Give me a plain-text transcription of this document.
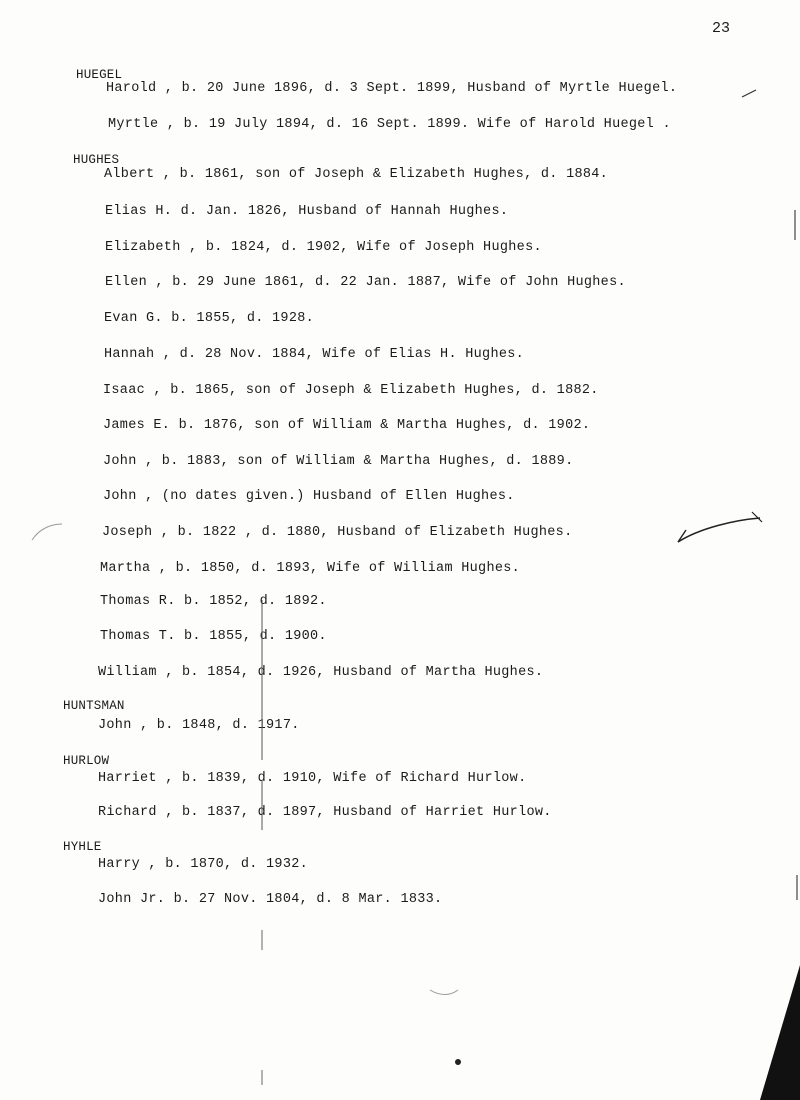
23
HUEGEL
Harold , b. 20 June 1896, d. 3 Sept. 1899, Husband of Myrtle Huegel.
Myrtle , b. 19 July 1894, d. 16 Sept. 1899. Wife of Harold Huegel .
HUGHES
Albert , b. 1861, son of Joseph & Elizabeth Hughes, d. 1884.
Elias H. d. Jan. 1826, Husband of Hannah Hughes.
Elizabeth , b. 1824, d. 1902, Wife of Joseph Hughes.
Ellen , b. 29 June 1861, d. 22 Jan. 1887, Wife of John Hughes.
Evan G. b. 1855, d. 1928.
Hannah , d. 28 Nov. 1884, Wife of Elias H. Hughes.
Isaac , b. 1865, son of Joseph & Elizabeth Hughes, d. 1882.
James E. b. 1876, son of William & Martha Hughes, d. 1902.
John , b. 1883, son of William & Martha Hughes, d. 1889.
John , (no dates given.) Husband of Ellen Hughes.
Joseph , b. 1822 , d. 1880, Husband of Elizabeth Hughes.
Martha , b. 1850, d. 1893, Wife of William Hughes.
Thomas R. b. 1852, d. 1892.
Thomas T. b. 1855, d. 1900.
William , b. 1854, d. 1926, Husband of Martha Hughes.
HUNTSMAN
John , b. 1848, d. 1917.
HURLOW
Harriet , b. 1839, d. 1910, Wife of Richard Hurlow.
Richard , b. 1837, d. 1897, Husband of Harriet Hurlow.
HYHLE
Harry , b. 1870, d. 1932.
John Jr. b. 27 Nov. 1804, d. 8 Mar. 1833.
